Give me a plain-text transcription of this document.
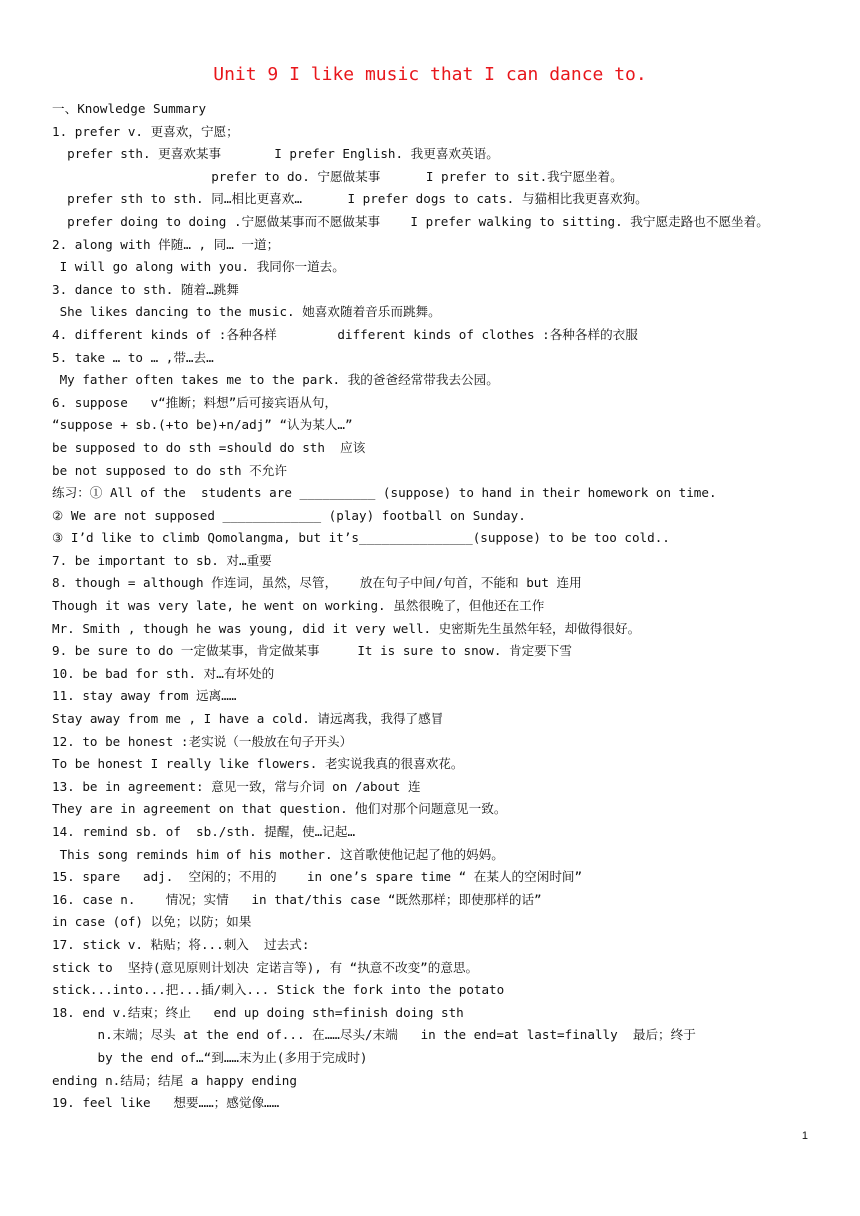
Unit 9 I like music that I can dance to.
一、Knowledge Summary
1. prefer v. 更喜欢，宁愿；
prefer sth. 更喜欢某事       I prefer English. 我更喜欢英语。
prefer to do. 宁愿做某事      I prefer to sit.我宁愿坐着。
prefer sth to sth. 同…相比更喜欢…      I prefer dogs to cats. 与猫相比我更喜欢狗。
prefer doing to doing .宁愿做某事而不愿做某事    I prefer walking to sitting. 我宁愿走路也不愿坐着。
2. along with 伴随… , 同… 一道；
I will go along with you. 我同你一道去。
3. dance to sth. 随着…跳舞
She likes dancing to the music. 她喜欢随着音乐而跳舞。
4. different kinds of :各种各样        different kinds of clothes :各种各样的衣服
5. take … to … ,带…去…
My father often takes me to the park. 我的爸爸经常带我去公园。
6. suppose   v“推断；料想”后可接宾语从句，
“suppose + sb.(+to be)+n/adj” “认为某人…”
be supposed to do sth =should do sth  应该
be not supposed to do sth 不允许
练习：① All of the  students are __________ (suppose) to hand in their homework on time.
② We are not supposed _____________ (play) football on Sunday.
③ I’d like to climb Qomolangma, but it’s_______________(suppose) to be too cold..
7. be important to sb. 对…重要
8. though = although 作连词，虽然，尽管，   放在句子中间/句首，不能和 but 连用
Though it was very late, he went on working. 虽然很晚了，但他还在工作
Mr. Smith , though he was young, did it very well. 史密斯先生虽然年轻，却做得很好。
9. be sure to do 一定做某事，肯定做某事     It is sure to snow. 肯定要下雪
10. be bad for sth. 对…有坏处的
11. stay away from 远离……
Stay away from me , I have a cold. 请远离我，我得了感冒
12. to be honest :老实说（一般放在句子开头）
To be honest I really like flowers. 老实说我真的很喜欢花。
13. be in agreement: 意见一致，常与介词 on /about 连
They are in agreement on that question. 他们对那个问题意见一致。
14. remind sb. of  sb./sth. 提醒，使…记起…
This song reminds him of his mother. 这首歌使他记起了他的妈妈。
15. spare   adj.  空闲的；不用的    in one’s spare time “ 在某人的空闲时间”
16. case n.    情况；实情   in that/this case “既然那样；即使那样的话”
in case (of) 以免；以防；如果
17. stick v. 粘贴；将...刺入  过去式:
stick to  坚持(意见原则计划决 定诺言等), 有 “执意不改变”的意思。
stick...into...把...插/刺入... Stick the fork into the potato
18. end v.结束；终止   end up doing sth=finish doing sth
n.末端；尽头 at the end of... 在……尽头/末端   in the end=at last=finally  最后；终于
by the end of…“到……末为止(多用于完成时)
ending n.结局；结尾 a happy ending
19. feel like   想要……；感觉像……
1
